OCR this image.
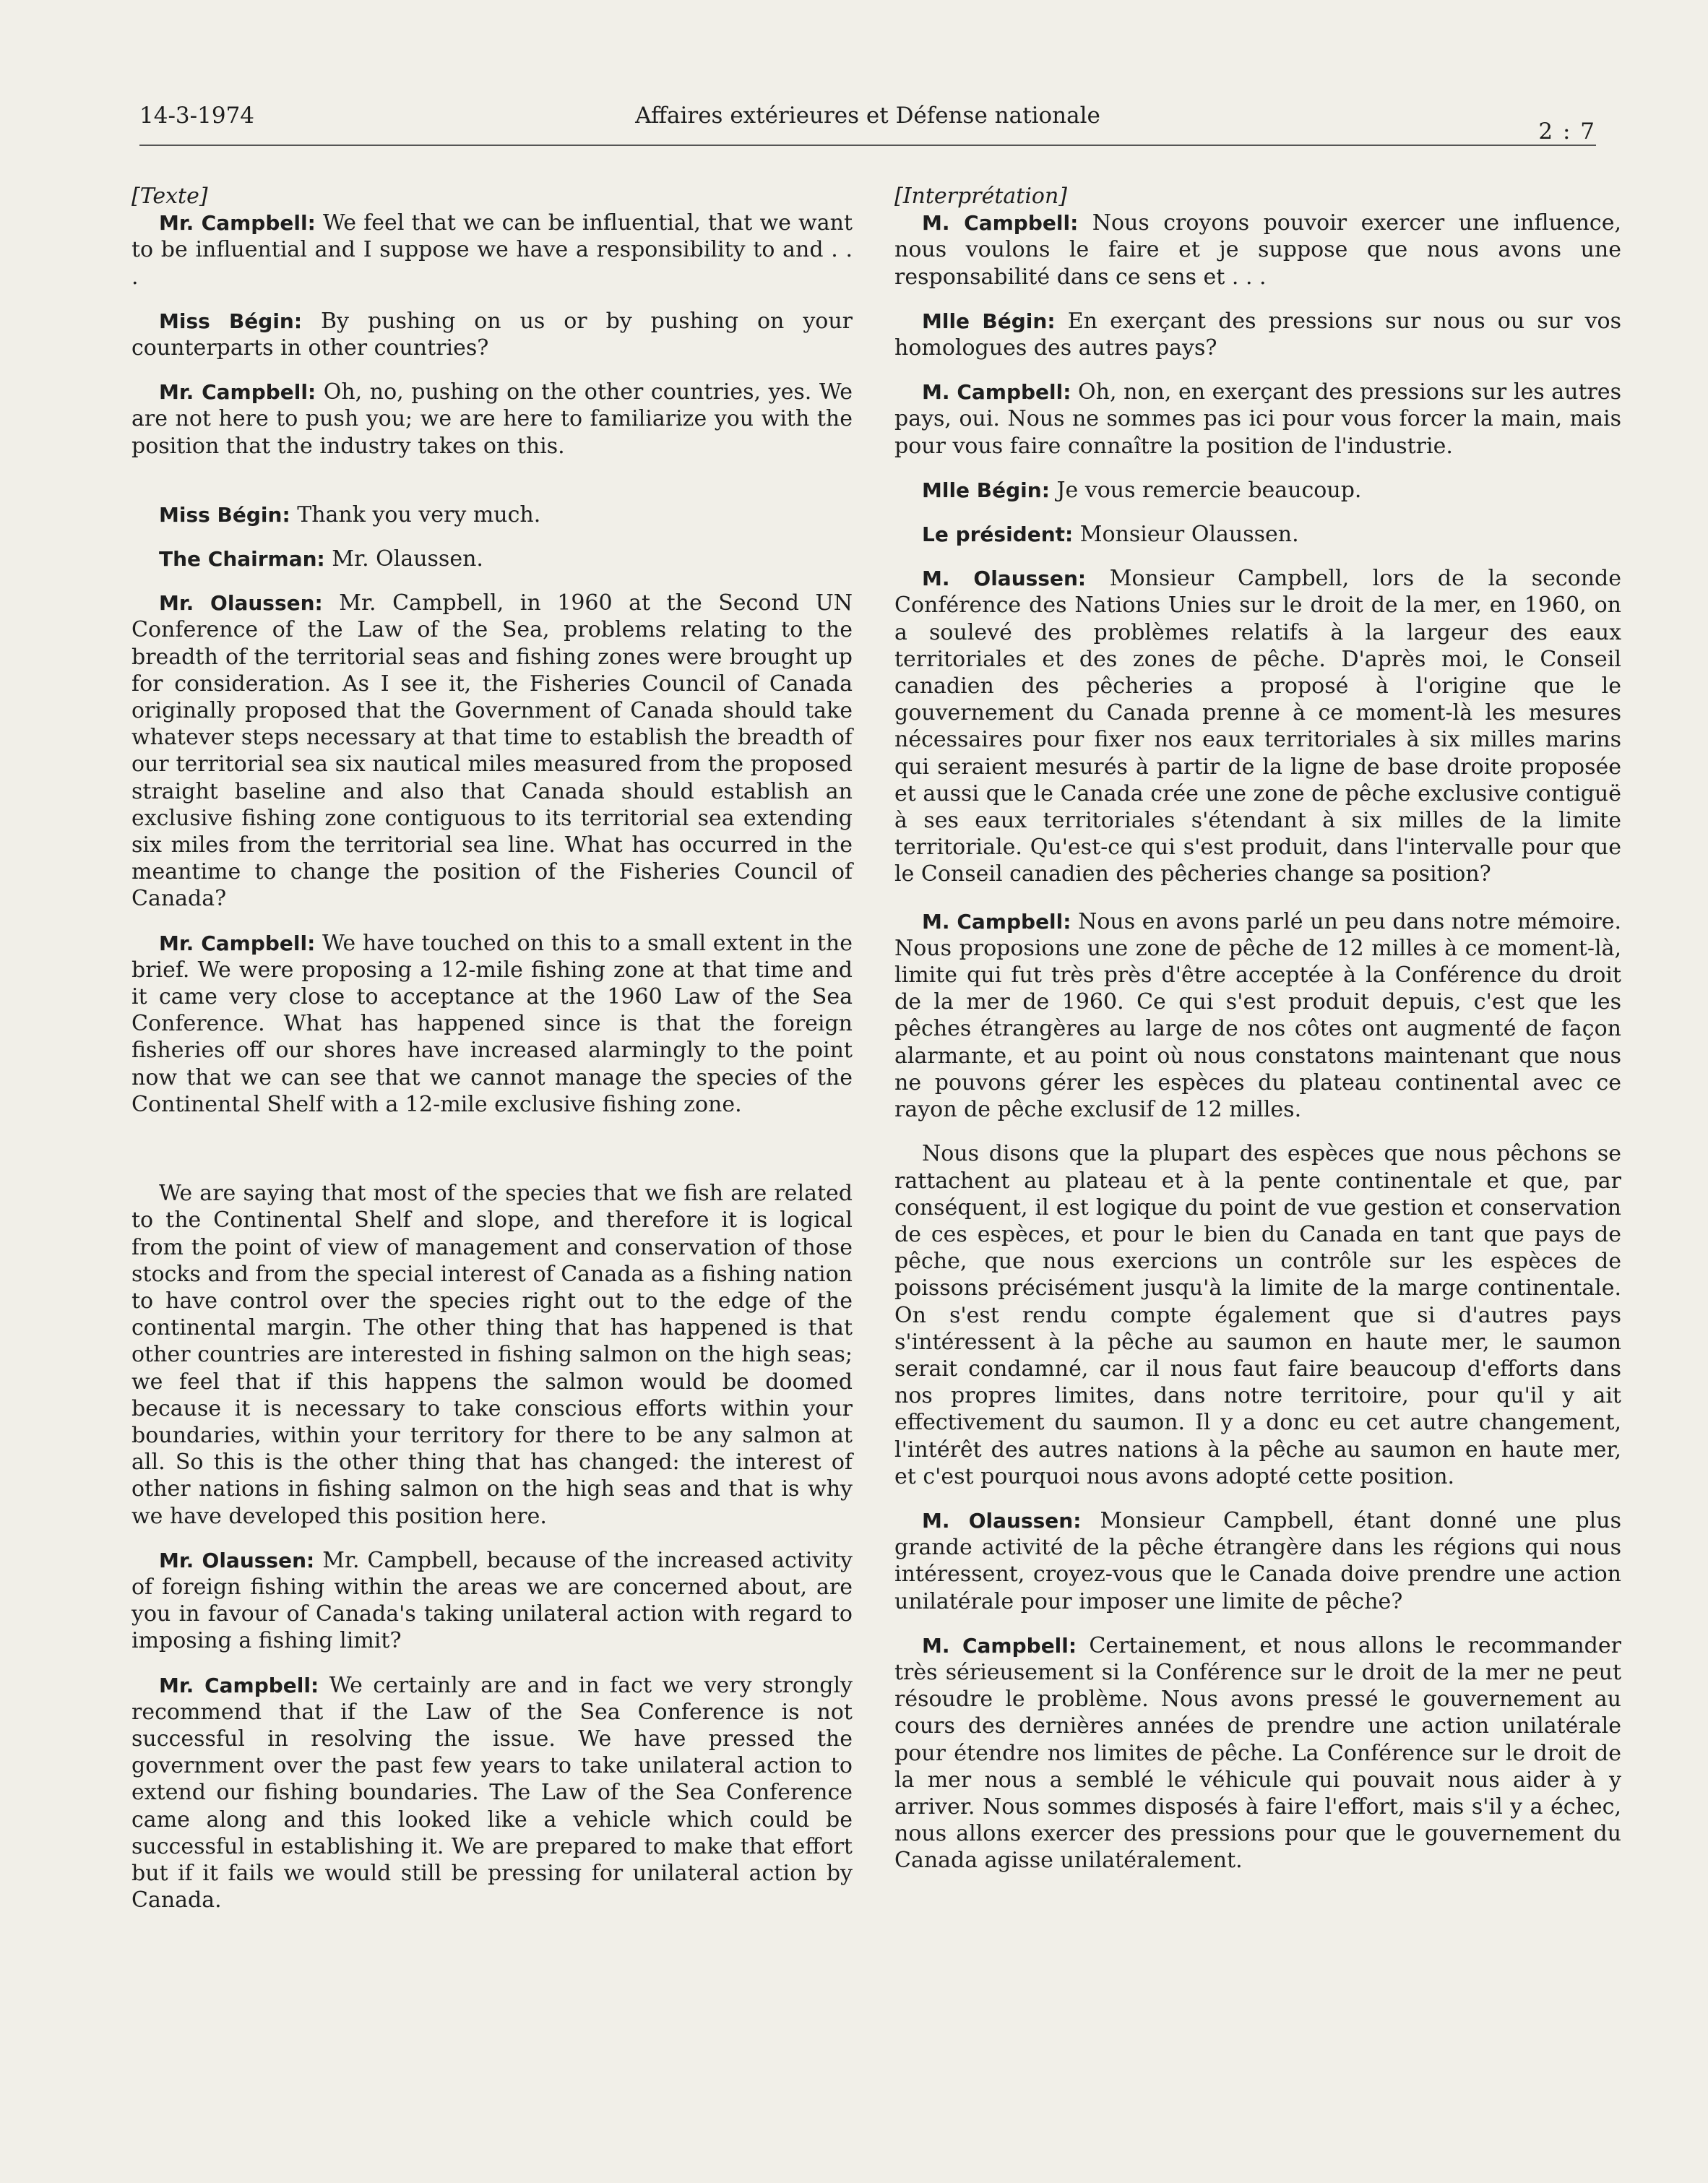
14-3-1974	Affaires extérieures et Défense nationale
2 : 7
[Texte]

Mr. Campbell: We feel that we can be influential, that we want to be influential and I suppose we have a responsibility to and . . .

Miss Bégin: By pushing on us or by pushing on your counterparts in other countries?

Mr. Campbell: Oh, no, pushing on the other countries, yes. We are not here to push you; we are here to familiarize you with the position that the industry takes on this.

Miss Bégin: Thank you very much.

The Chairman: Mr. Olaussen.

Mr. Olaussen: Mr. Campbell, in 1960 at the Second UN Conference of the Law of the Sea, problems relating to the breadth of the territorial seas and fishing zones were brought up for consideration. As I see it, the Fisheries Council of Canada originally proposed that the Government of Canada should take whatever steps necessary at that time to establish the breadth of our territorial sea six nautical miles measured from the proposed straight baseline and also that Canada should establish an exclusive fishing zone contiguous to its territorial sea extending six miles from the territorial sea line. What has occurred in the meantime to change the position of the Fisheries Council of Canada?

Mr. Campbell: We have touched on this to a small extent in the brief. We were proposing a 12-mile fishing zone at that time and it came very close to acceptance at the 1960 Law of the Sea Conference. What has happened since is that the foreign fisheries off our shores have increased alarmingly to the point now that we can see that we cannot manage the species of the Continental Shelf with a 12-mile exclusive fishing zone.

We are saying that most of the species that we fish are related to the Continental Shelf and slope, and therefore it is logical from the point of view of management and conservation of those stocks and from the special interest of Canada as a fishing nation to have control over the species right out to the edge of the continental margin. The other thing that has happened is that other countries are interested in fishing salmon on the high seas; we feel that if this happens the salmon would be doomed because it is necessary to take conscious efforts within your boundaries, within your territory for there to be any salmon at all. So this is the other thing that has changed: the interest of other nations in fishing salmon on the high seas and that is why we have developed this position here.

Mr. Olaussen: Mr. Campbell, because of the increased activity of foreign fishing within the areas we are concerned about, are you in favour of Canada's taking unilateral action with regard to imposing a fishing limit?

Mr. Campbell: We certainly are and in fact we very strongly recommend that if the Law of the Sea Conference is not successful in resolving the issue. We have pressed the government over the past few years to take unilateral action to extend our fishing boundaries. The Law of the Sea Conference came along and this looked like a vehicle which could be successful in establishing it. We are prepared to make that effort but if it fails we would still be pressing for unilateral action by Canada.

[Interprétation]

M. Campbell: Nous croyons pouvoir exercer une influence, nous voulons le faire et je suppose que nous avons une responsabilité dans ce sens et . . .

Mlle Bégin: En exerçant des pressions sur nous ou sur vos homologues des autres pays?

M. Campbell: Oh, non, en exerçant des pressions sur les autres pays, oui. Nous ne sommes pas ici pour vous forcer la main, mais pour vous faire connaître la position de l'industrie.

Mlle Bégin: Je vous remercie beaucoup.

Le président: Monsieur Olaussen.

M. Olaussen: Monsieur Campbell, lors de la seconde Conférence des Nations Unies sur le droit de la mer, en 1960, on a soulevé des problèmes relatifs à la largeur des eaux territoriales et des zones de pêche. D'après moi, le Conseil canadien des pêcheries a proposé à l'origine que le gouvernement du Canada prenne à ce moment-là les mesures nécessaires pour fixer nos eaux territoriales à six milles marins qui seraient mesurés à partir de la ligne de base droite proposée et aussi que le Canada crée une zone de pêche exclusive contiguë à ses eaux territoriales s'étendant à six milles de la limite territoriale. Qu'est-ce qui s'est produit, dans l'intervalle pour que le Conseil canadien des pêcheries change sa position?

M. Campbell: Nous en avons parlé un peu dans notre mémoire. Nous proposions une zone de pêche de 12 milles à ce moment-là, limite qui fut très près d'être acceptée à la Conférence du droit de la mer de 1960. Ce qui s'est produit depuis, c'est que les pêches étrangères au large de nos côtes ont augmenté de façon alarmante, et au point où nous constatons maintenant que nous ne pouvons gérer les espèces du plateau continental avec ce rayon de pêche exclusif de 12 milles.

Nous disons que la plupart des espèces que nous pêchons se rattachent au plateau et à la pente continentale et que, par conséquent, il est logique du point de vue gestion et conservation de ces espèces, et pour le bien du Canada en tant que pays de pêche, que nous exercions un contrôle sur les espèces de poissons précisément jusqu'à la limite de la marge continentale. On s'est rendu compte également que si d'autres pays s'intéressent à la pêche au saumon en haute mer, le saumon serait condamné, car il nous faut faire beaucoup d'efforts dans nos propres limites, dans notre territoire, pour qu'il y ait effectivement du saumon. Il y a donc eu cet autre changement, l'intérêt des autres nations à la pêche au saumon en haute mer, et c'est pourquoi nous avons adopté cette position.

M. Olaussen: Monsieur Campbell, étant donné une plus grande activité de la pêche étrangère dans les régions qui nous intéressent, croyez-vous que le Canada doive prendre une action unilatérale pour imposer une limite de pêche?

M. Campbell: Certainement, et nous allons le recommander très sérieusement si la Conférence sur le droit de la mer ne peut résoudre le problème. Nous avons pressé le gouvernement au cours des dernières années de prendre une action unilatérale pour étendre nos limites de pêche. La Conférence sur le droit de la mer nous a semblé le véhicule qui pouvait nous aider à y arriver. Nous sommes disposés à faire l'effort, mais s'il y a échec, nous allons exercer des pressions pour que le gouvernement du Canada agisse unilatéralement.
